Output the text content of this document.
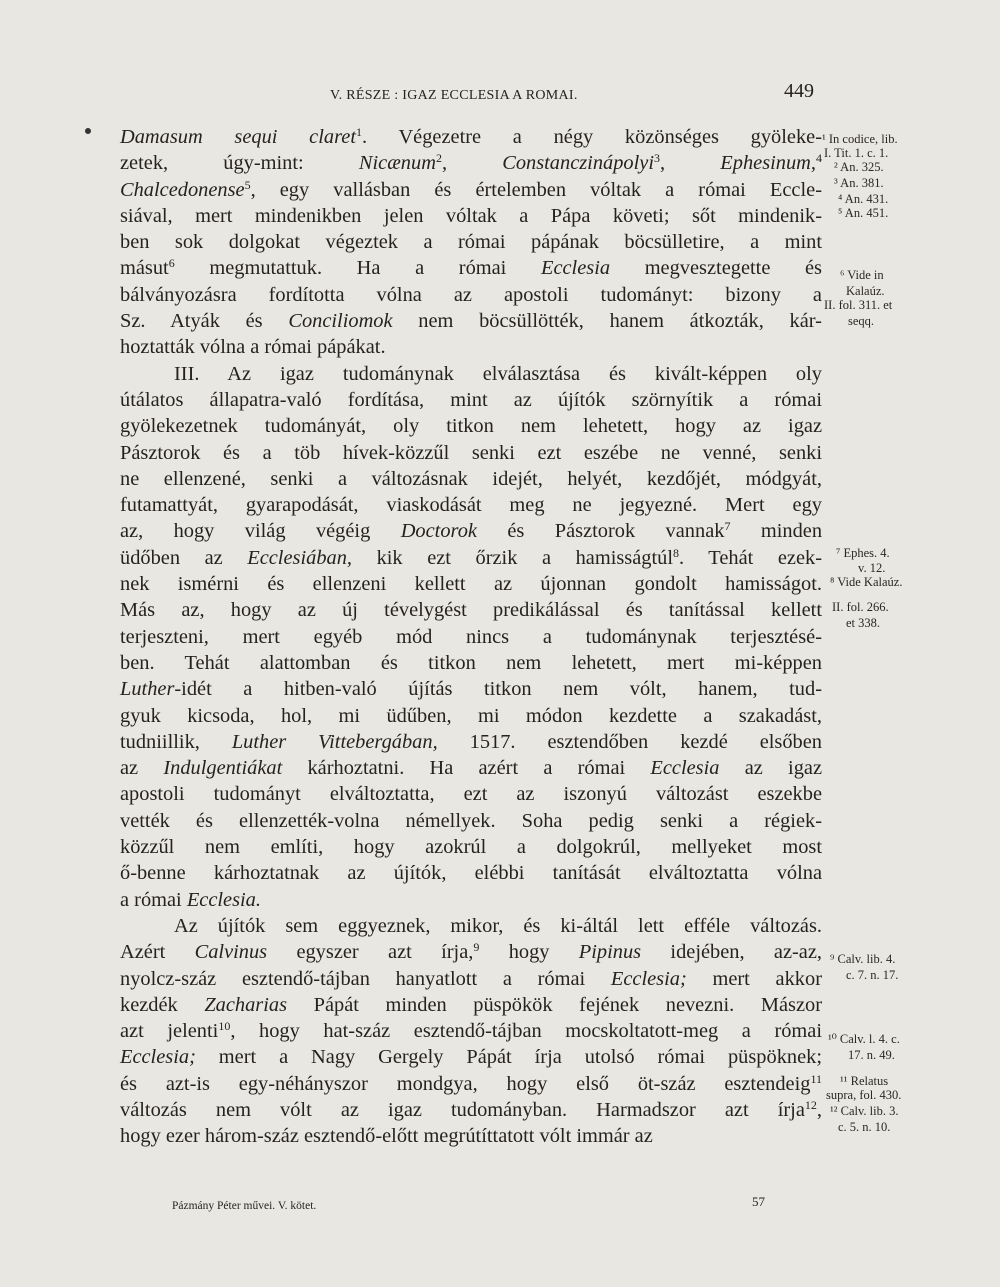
V. RÉSZE : IGAZ ECCLESIA A ROMAI.	449
Damasum sequi claret$^1$. Végezetre a négy közönséges gyöleke-
zetek, úgy-mint: Nicænum$^2$, Constanczinápolyi$^3$, Ephesinum,$^4$
Chalcedonense$^5$, egy vallásban és értelemben vóltak a római Eccle-
siával, mert mindenikben jelen vóltak a Pápa követi; sőt mindenik-
ben sok dolgokat végeztek a római pápának böcsülletire, a mint
másut$^6$ megmutattuk. Ha a római Ecclesia megvesztegette és
bálványozásra fordította vólna az apostoli tudományt: bizony a
Sz. Atyák és Conciliomok nem böcsüllötték, hanem átkozták, kár-
hoztatták vólna a római pápákat.
III. Az igaz tudománynak elválasztása és kivált-képpen oly
útálatos állapatra-való fordítása, mint az újítók szörnyítik a római
gyölekezetnek tudományát, oly titkon nem lehetett, hogy az igaz
Pásztorok és a töb hívek-közzűl senki ezt eszébe ne venné, senki
ne ellenzené, senki a változásnak idejét, helyét, kezdőjét, módgyát,
futamattyát, gyarapodását, viaskodását meg ne jegyezné. Mert egy
az, hogy világ végéig Doctorok és Pásztorok vannak$^7$ minden
üdőben az Ecclesiában, kik ezt őrzik a hamisságtúl$^8$. Tehát ezek-
nek ismérni és ellenzeni kellett az újonnan gondolt hamisságot.
Más az, hogy az új tévelygést predikálással és tanítással kellett
terjeszteni, mert egyéb mód nincs a tudománynak terjesztésé-
ben. Tehát alattomban és titkon nem lehetett, mert mi-képpen
Luther-idét a hitben-való újítás titkon nem vólt, hanem, tud-
gyuk kicsoda, hol, mi üdűben, mi módon kezdette a szakadást,
tudniillik, Luther Vittebergában, 1517. esztendőben kezdé elsőben
az Indulgentiákat kárhoztatni. Ha azért a római Ecclesia az igaz
apostoli tudományt elváltoztatta, ezt az iszonyú változást eszekbe
vették és ellenzették-volna némellyek. Soha pedig senki a régiek-
közzűl nem említi, hogy azokrúl a dolgokrúl, mellyeket most
ő-benne kárhoztatnak az újítók, elébbi tanítását elváltoztatta vólna
a római Ecclesia.
Az újítók sem eggyeznek, mikor, és ki-áltál lett efféle változás.
Azért Calvinus egyszer azt írja,$^9$ hogy Pipinus idejében, az-az,
nyolcz-száz esztendő-tájban hanyatlott a római Ecclesia; mert akkor
kezdék Zacharias Pápát minden püspökök fejének nevezni. Mászor
azt jelenti$^{10}$, hogy hat-száz esztendő-tájban mocskoltatott-meg a római
Ecclesia; mert a Nagy Gergely Pápát írja utolsó római püspöknek;
és azt-is egy-néhányszor mondgya, hogy első öt-száz esztendeig$^{11}$
változás nem vólt az igaz tudományban. Harmadszor azt írja$^{12}$,
hogy ezer három-száz esztendő-előtt megrútíttatott vólt immár az
¹ In codice, lib.
I. Tit. 1. c. 1.
² An. 325.
³ An. 381.
⁴ An. 431.
⁵ An. 451.
⁶ Vide in
Kalaúz.
II. fol. 311. et
seqq.
⁷ Ephes. 4.
v. 12.
⁸ Vide Kalaúz.
II. fol. 266.
et 338.
⁹ Calv. lib. 4.
c. 7. n. 17.
¹⁰ Calv. l. 4. c.
17. n. 49.
¹¹ Relatus
supra, fol. 430.
¹² Calv. lib. 3.
c. 5. n. 10.
Pázmány Péter művei. V. kötet.	57
